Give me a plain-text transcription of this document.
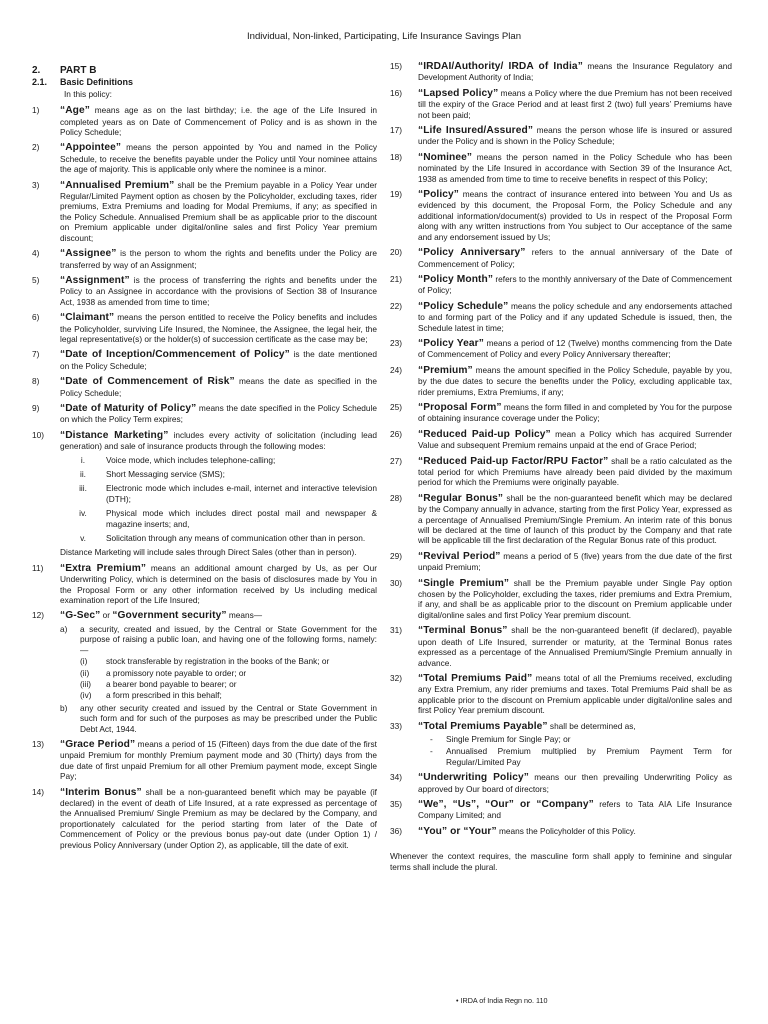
Individual, Non-linked, Participating, Life Insurance Savings Plan
2. PART B
2.1. Basic Definitions
In this policy:
1)	“Age” means age as on the last birthday; i.e. the age of the Life Insured in completed years as on Date of Commencement of Policy and is as shown in the Policy Schedule;
2)	“Appointee” means the person appointed by You and named in the Policy Schedule, to receive the benefits payable under the Policy until Your nominee attains the age of majority. This is applicable only where the nominee is a minor.
3)	“Annualised Premium” shall be the Premium payable in a Policy Year under Regular/Limited Payment option as chosen by the Policyholder, excluding taxes, rider premiums, Extra Premiums and loading for Modal Premiums, if any; as specified in the Policy Schedule. Annualised Premium shall be as applicable prior to the discount on Premium applicable under digital/online sales and first Policy Year premium discount;
4)	“Assignee” is the person to whom the rights and benefits under the Policy are transferred by way of an Assignment;
5)	“Assignment” is the process of transferring the rights and benefits under the Policy to an Assignee in accordance with the provisions of Section 38 of Insurance Act, 1938 as amended from time to time;
6)	“Claimant” means the person entitled to receive the Policy benefits and includes the Policyholder, surviving Life Insured, the Nominee, the Assignee, the legal heir, the legal representative(s) or the holder(s) of succession certificate as the case may be;
7)	“Date of Inception/Commencement of Policy” is the date mentioned on the Policy Schedule;
8)	“Date of Commencement of Risk” means the date as specified in the Policy Schedule;
9)	“Date of Maturity of Policy” means the date specified in the Policy Schedule on which the Policy Term expires;
10)	“Distance Marketing” includes every activity of solicitation (including lead generation) and sale of insurance products through the following modes:
i.	Voice mode, which includes telephone-calling;
ii.	Short Messaging service (SMS);
iii.	Electronic mode which includes e-mail, internet and interactive television (DTH);
iv.	Physical mode which includes direct postal mail and newspaper & magazine inserts; and,
v.	Solicitation through any means of communication other than in person.
Distance Marketing will include sales through Direct Sales (other than in person).
11)	“Extra Premium” means an additional amount charged by Us, as per Our Underwriting Policy, which is determined on the basis of disclosures made by You in the Proposal Form or any other information received by Us including medical examination report of the Life Insured;
12)	“G-Sec” or “Government security” means—
a)	a security, created and issued, by the Central or State Government for the purpose of raising a public loan, and having one of the following forms, namely:—
(i)	stock transferable by registration in the books of the Bank; or
(ii)	a promissory note payable to order; or
(iii)	a bearer bond payable to bearer; or
(iv)	a form prescribed in this behalf;
b)	any other security created and issued by the Central or State Government in such form and for such of the purposes as may be prescribed under the Public Debt Act, 1944.
13)	“Grace Period” means a period of 15 (Fifteen) days from the due date of the first unpaid Premium for monthly Premium payment mode and 30 (Thirty) days from the due date of first unpaid Premium for all other Premium payment mode, except Single Pay;
14)	“Interim Bonus” shall be a non-guaranteed benefit which may be payable (if declared) in the event of death of Life Insured, at a rate expressed as percentage of the Annualised Premium/ Single Premium as may be declared by the Company, and proportionately calculated for the period starting from later of the Date of Commencement of Policy or the previous bonus pay-out date (under Option 1) / previous Policy Anniversary (under Option 2), as applicable, till the date of exit.
15)	“IRDAI/Authority/ IRDA of India” means the Insurance Regulatory and Development Authority of India;
16)	“Lapsed Policy” means a Policy where the due Premium has not been received till the expiry of the Grace Period and at least first 2 (two) full years’ Premiums have not been paid;
17)	“Life Insured/Assured” means the person whose life is insured or assured under the Policy and is shown in the Policy Schedule;
18)	“Nominee” means the person named in the Policy Schedule who has been nominated by the Life Insured in accordance with Section 39 of the Insurance Act, 1938 as amended from time to time to receive benefits in respect of this Policy;
19)	“Policy” means the contract of insurance entered into between You and Us as evidenced by this document, the Proposal Form, the Policy Schedule and any additional information/document(s) provided to Us in respect of the Proposal Form along with any written instructions from You subject to Our acceptance of the same and any endorsement issued by Us;
20)	“Policy Anniversary” refers to the annual anniversary of the Date of Commencement of Policy;
21)	“Policy Month” refers to the monthly anniversary of the Date of Commencement of Policy;
22)	“Policy Schedule” means the policy schedule and any endorsements attached to and forming part of the Policy and if any updated Schedule is issued, then, the Schedule latest in time;
23)	“Policy Year” means a period of 12 (Twelve) months commencing from the Date of Commencement of Policy and every Policy Anniversary thereafter;
24)	“Premium” means the amount specified in the Policy Schedule, payable by you, by the due dates to secure the benefits under the Policy, excluding applicable tax, rider premiums, Extra Premiums, if any;
25)	“Proposal Form” means the form filled in and completed by You for the purpose of obtaining insurance coverage under the Policy;
26)	“Reduced Paid-up Policy” mean a Policy which has acquired Surrender Value and subsequent Premium remains unpaid at the end of Grace Period;
27)	“Reduced Paid-up Factor/RPU Factor” shall be a ratio calculated as the total period for which Premiums have already been paid divided by the maximum period for which the Premiums were originally payable.
28)	“Regular Bonus” shall be the non-guaranteed benefit which may be declared by the Company annually in advance, starting from the first Policy Year, expressed as a percentage of Annualised Premium/Single Premium. An interim rate of this bonus will be declared at the time of launch of this product by the Company and that rate will be applicable till the first declaration of the Regular Bonus rate of this product.
29)	“Revival Period” means a period of 5 (five) years from the due date of the first unpaid Premium;
30)	“Single Premium” shall be the Premium payable under Single Pay option chosen by the Policyholder, excluding the taxes, rider premiums and Extra Premium, if any, and shall be as applicable prior to the discount on Premium applicable under digital/online sales and first Policy Year premium discount.
31)	“Terminal Bonus” shall be the non-guaranteed benefit (if declared), payable upon death of Life Insured, surrender or maturity, at the Terminal Bonus rates expressed as a percentage of the Annualised Premium/Single Premium annually in advance.
32)	“Total Premiums Paid” means total of all the Premiums received, excluding any Extra Premium, any rider premiums and taxes. Total Premiums Paid shall be as applicable prior to the discount on Premium applicable under digital/online sales and first Policy Year premium discount.
33)	“Total Premiums Payable” shall be determined as,
-	Single Premium for Single Pay; or
-	Annualised Premium multiplied by Premium Payment Term for Regular/Limited Pay
34)	“Underwriting Policy” means our then prevailing Underwriting Policy as approved by Our board of directors;
35)	“We”, “Us”, “Our” or “Company” refers to Tata AIA Life Insurance Company Limited; and
36)	“You” or “Your” means the Policyholder of this Policy.
Whenever the context requires, the masculine form shall apply to feminine and singular terms shall include the plural.
• IRDA of India Regn no. 110
